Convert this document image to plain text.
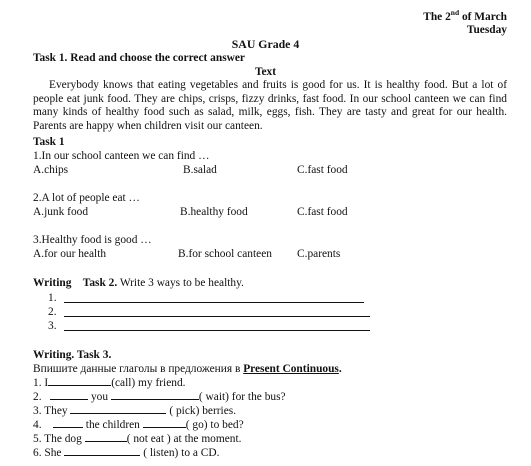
The 2nd of March
Tuesday
SAU Grade 4
Task 1. Read and choose the correct answer
Text

Everybody knows that eating vegetables and fruits is good for us. It is healthy food. But a lot of people eat junk food. They are chips, crisps, fizzy drinks, fast food. In our school canteen we can find many kinds of healthy food such as salad, milk, eggs, fish. They are tasty and great for our health. Parents are happy when children visit our canteen.

Task 1
1.In our school canteen we can find …
A.chips	B.salad	C.fast food
2.A lot of people eat …
A.junk food	B.healthy food	C.fast food
3.Healthy food is good …
A.for our health	B.for school canteen C.parents
Writing Task 2. Write 3 ways to be healthy.
1.
2.
3.
Writing. Task 3.
Впишите данные глаголы в предложения в Present Continuous.
1. I	(call) my friend.
2.	you	( wait) for the bus?
3. They	( pick) berries.
4.	the children	( go) to bed?
5. The dog	( not eat ) at the moment.
6. She	( listen) to a CD.
